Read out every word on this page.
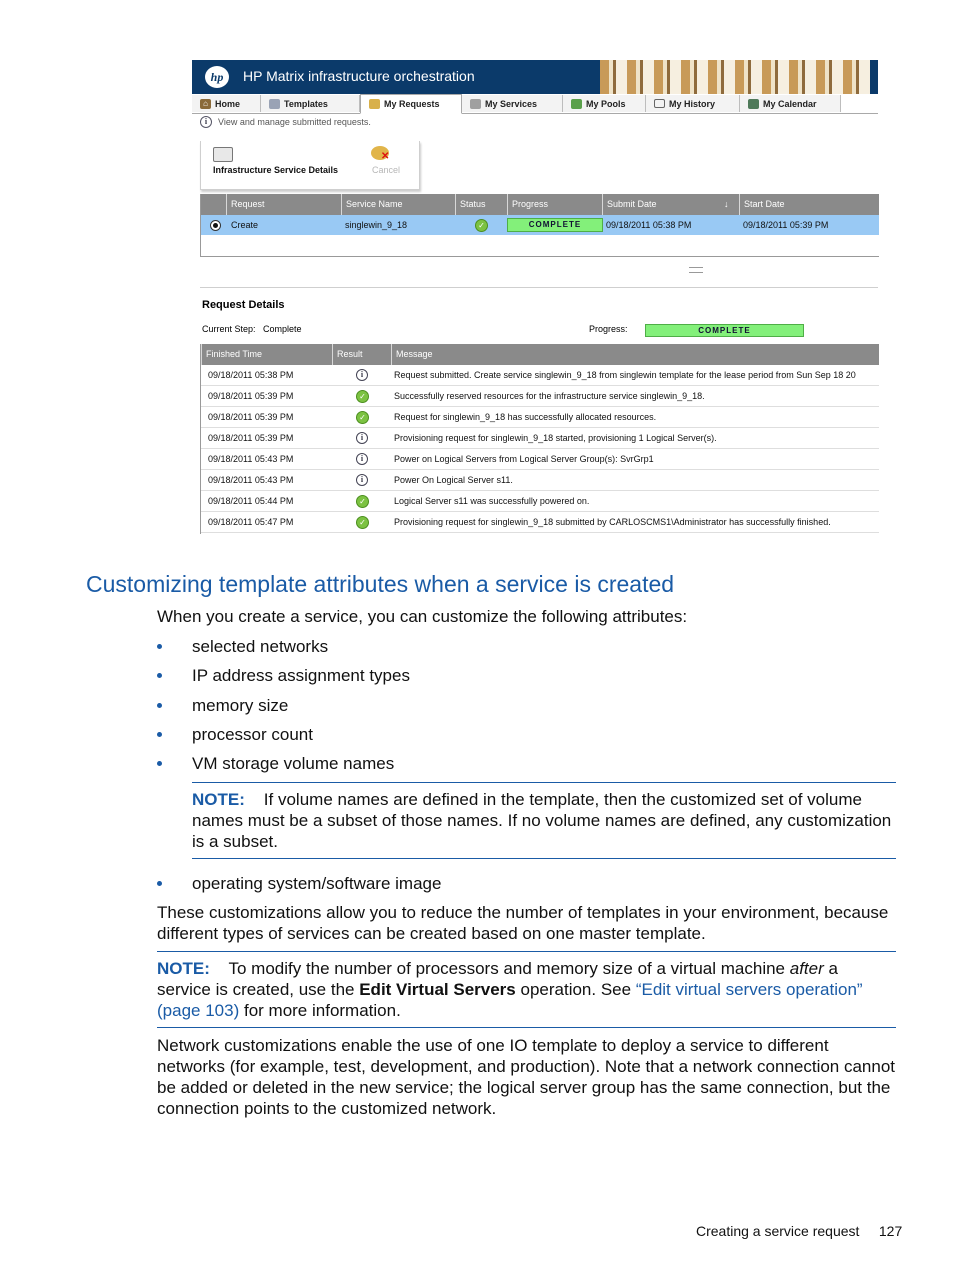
hp	HP Matrix infrastructure orchestration
⌂ Home	Templates	My Requests	My Services	My Pools	My History	My Calendar
i	View and manage submitted requests.
Infrastructure Service Details
✕
Cancel
Request	Service Name	Status	Progress	Submit Date	↓	Start Date
Create	singlewin_9_18	✓	COMPLETE	09/18/2011 05:38 PM	09/18/2011 05:39 PM
Request Details
Current Step: Complete	Progress:	COMPLETE
Finished Time	Result	Message
09/18/2011 05:38 PM	i	Request submitted. Create service singlewin_9_18 from singlewin template for the lease period from Sun Sep 18 20
09/18/2011 05:39 PM	✓	Successfully reserved resources for the infrastructure service singlewin_9_18.
09/18/2011 05:39 PM	✓	Request for singlewin_9_18 has successfully allocated resources.
09/18/2011 05:39 PM	i	Provisioning request for singlewin_9_18 started, provisioning 1 Logical Server(s).
09/18/2011 05:43 PM	i	Power on Logical Servers from Logical Server Group(s): SvrGrp1
09/18/2011 05:43 PM	i	Power On Logical Server s11.
09/18/2011 05:44 PM	✓	Logical Server s11 was successfully powered on.
09/18/2011 05:47 PM	✓	Provisioning request for singlewin_9_18 submitted by CARLOSCMS1\Administrator has successfully finished.
Customizing template attributes when a service is created
When you create a service, you can customize the following attributes:
selected networks
IP address assignment types
memory size
processor count
VM storage volume names
NOTE: If volume names are defined in the template, then the customized set of volume names must be a subset of those names. If no volume names are defined, any customization is a subset.
operating system/software image
These customizations allow you to reduce the number of templates in your environment, because different types of services can be created based on one master template.
NOTE: To modify the number of processors and memory size of a virtual machine after a service is created, use the Edit Virtual Servers operation. See “Edit virtual servers operation” (page 103) for more information.
Network customizations enable the use of one IO template to deploy a service to different networks (for example, test, development, and production). Note that a network connection cannot be added or deleted in the new service; the logical server group has the same connection, but the connection points to the customized network.
Creating a service request 127
